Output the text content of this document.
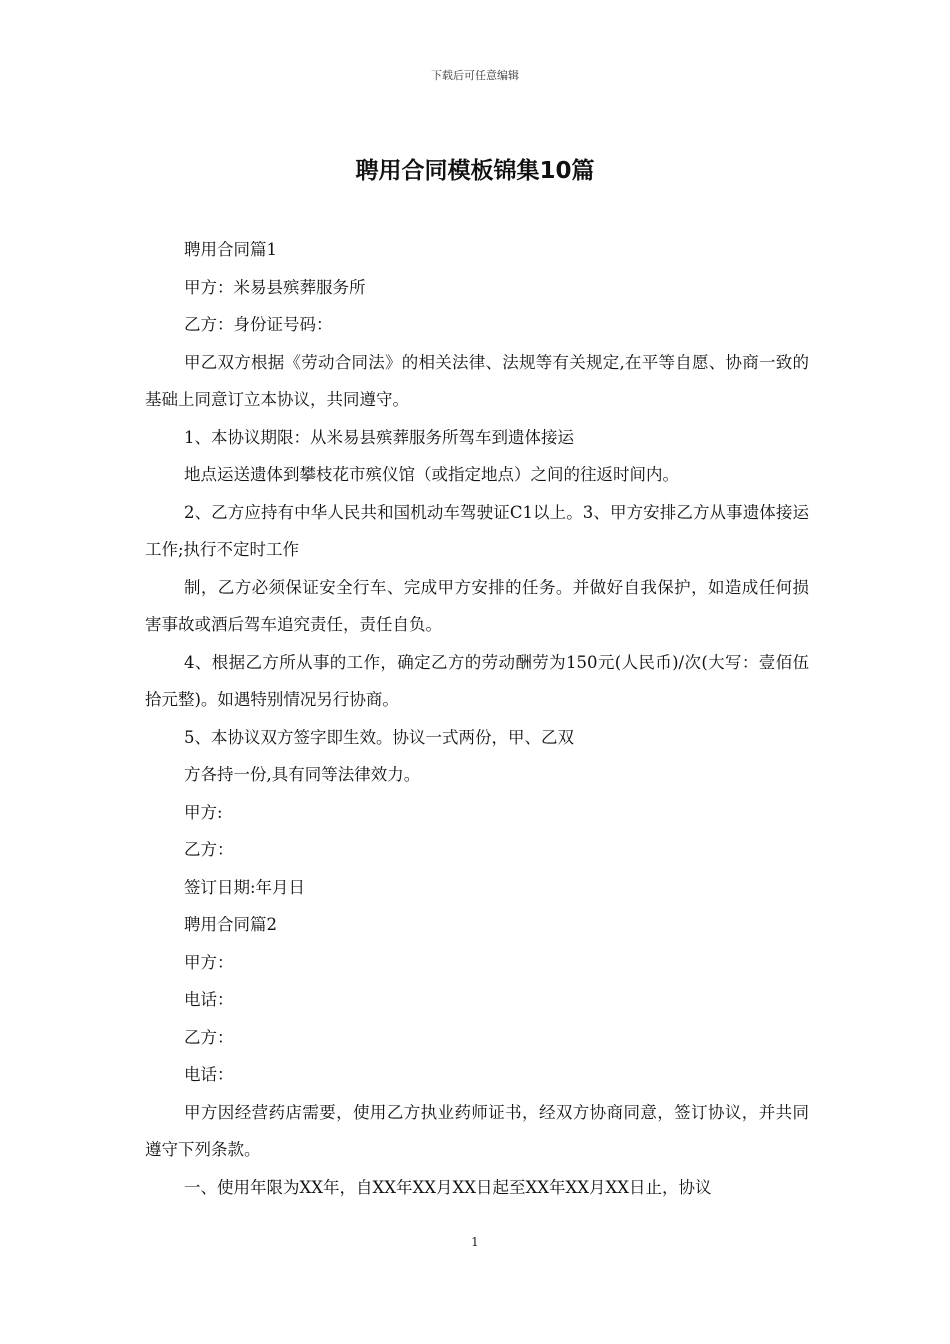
下载后可任意编辑
聘用合同模板锦集10篇

聘用合同篇1

甲方：米易县殡葬服务所

乙方：身份证号码：

甲乙双方根据《劳动合同法》的相关法律、法规等有关规定,在平等自愿、协商一致的基础上同意订立本协议，共同遵守。

1、本协议期限：从米易县殡葬服务所驾车到遗体接运

地点运送遗体到攀枝花市殡仪馆（或指定地点）之间的往返时间内。

2、乙方应持有中华人民共和国机动车驾驶证C1以上。3、甲方安排乙方从事遗体接运工作;执行不定时工作

制，乙方必须保证安全行车、完成甲方安排的任务。并做好自我保护，如造成任何损害事故或酒后驾车追究责任，责任自负。

4、根据乙方所从事的工作，确定乙方的劳动酬劳为150元(人民币)/次(大写：壹佰伍拾元整)。如遇特别情况另行协商。

5、本协议双方签字即生效。协议一式两份，甲、乙双

方各持一份,具有同等法律效力。

甲方:

乙方：

签订日期:年月日

聘用合同篇2

甲方：

电话：

乙方：

电话：

甲方因经营药店需要，使用乙方执业药师证书，经双方协商同意，签订协议，并共同遵守下列条款。

一、使用年限为XX年，自XX年XX月XX日起至XX年XX月XX日止，协议

1
